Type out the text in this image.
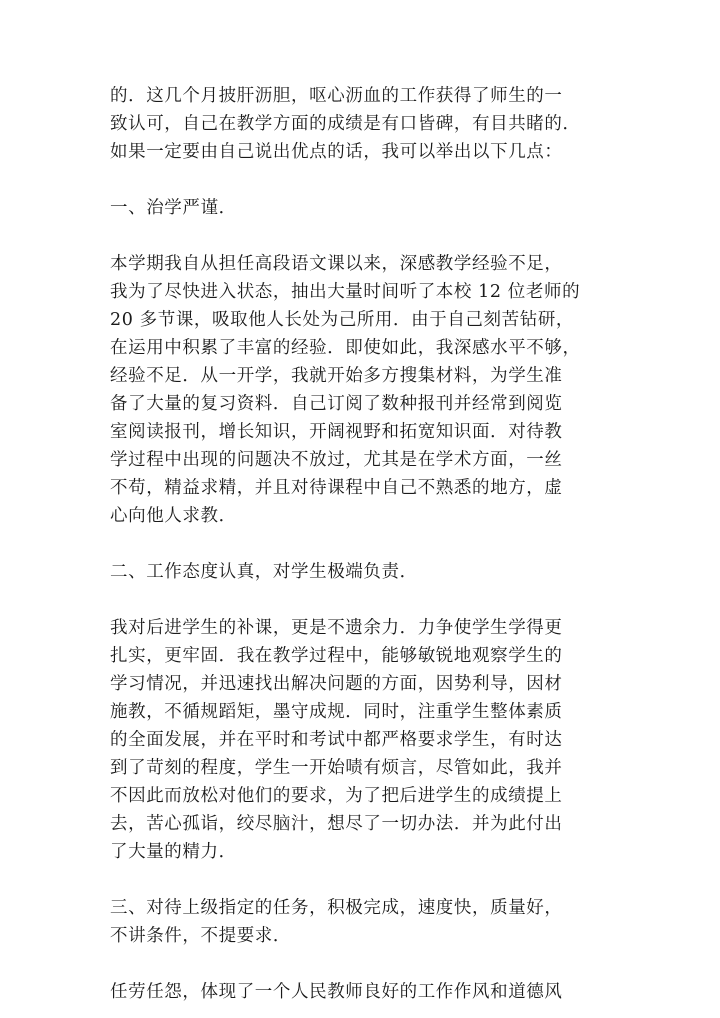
的．这几个月披肝沥胆，呕心沥血的工作获得了师生的一
致认可，自己在教学方面的成绩是有口皆碑，有目共睹的．
如果一定要由自己说出优点的话，我可以举出以下几点：
一、治学严谨．
本学期我自从担任高段语文课以来，深感教学经验不足，
我为了尽快进入状态，抽出大量时间听了本校 12 位老师的
20 多节课，吸取他人长处为己所用．由于自己刻苦钻研，
在运用中积累了丰富的经验．即使如此，我深感水平不够，
经验不足．从一开学，我就开始多方搜集材料，为学生准
备了大量的复习资料．自己订阅了数种报刊并经常到阅览
室阅读报刊，增长知识，开阔视野和拓宽知识面．对待教
学过程中出现的问题决不放过，尤其是在学术方面，一丝
不苟，精益求精，并且对待课程中自己不熟悉的地方，虚
心向他人求教．
二、工作态度认真，对学生极端负责．
我对后进学生的补课，更是不遗余力．力争使学生学得更
扎实，更牢固．我在教学过程中，能够敏锐地观察学生的
学习情况，并迅速找出解决问题的方面，因势利导，因材
施教，不循规蹈矩，墨守成规．同时，注重学生整体素质
的全面发展，并在平时和考试中都严格要求学生，有时达
到了苛刻的程度，学生一开始啧有烦言，尽管如此，我并
不因此而放松对他们的要求，为了把后进学生的成绩提上
去，苦心孤诣，绞尽脑汁，想尽了一切办法．并为此付出
了大量的精力．
三、对待上级指定的任务，积极完成，速度快，质量好，
不讲条件，不提要求．
任劳任怨，体现了一个人民教师良好的工作作风和道德风
